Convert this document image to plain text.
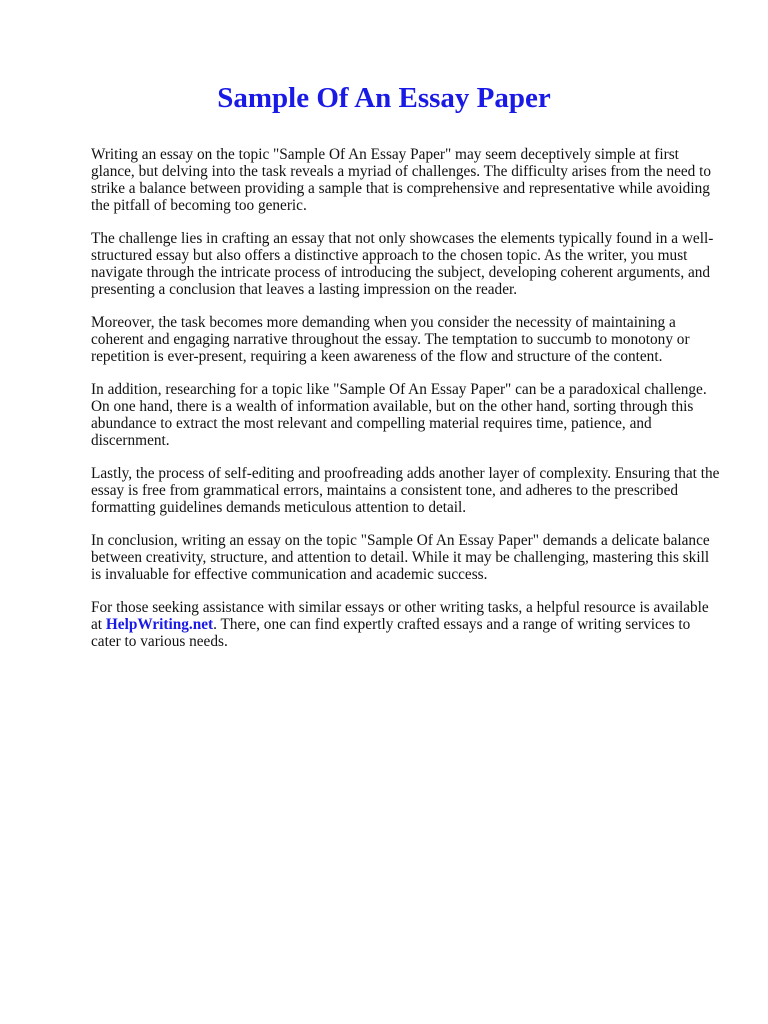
Sample Of An Essay Paper

Writing an essay on the topic "Sample Of An Essay Paper" may seem deceptively simple at first glance, but delving into the task reveals a myriad of challenges. The difficulty arises from the need to strike a balance between providing a sample that is comprehensive and representative while avoiding the pitfall of becoming too generic.

The challenge lies in crafting an essay that not only showcases the elements typically found in a well-structured essay but also offers a distinctive approach to the chosen topic. As the writer, you must navigate through the intricate process of introducing the subject, developing coherent arguments, and presenting a conclusion that leaves a lasting impression on the reader.

Moreover, the task becomes more demanding when you consider the necessity of maintaining a coherent and engaging narrative throughout the essay. The temptation to succumb to monotony or repetition is ever-present, requiring a keen awareness of the flow and structure of the content.

In addition, researching for a topic like "Sample Of An Essay Paper" can be a paradoxical challenge. On one hand, there is a wealth of information available, but on the other hand, sorting through this abundance to extract the most relevant and compelling material requires time, patience, and discernment.

Lastly, the process of self-editing and proofreading adds another layer of complexity. Ensuring that the essay is free from grammatical errors, maintains a consistent tone, and adheres to the prescribed formatting guidelines demands meticulous attention to detail.

In conclusion, writing an essay on the topic "Sample Of An Essay Paper" demands a delicate balance between creativity, structure, and attention to detail. While it may be challenging, mastering this skill is invaluable for effective communication and academic success.

For those seeking assistance with similar essays or other writing tasks, a helpful resource is available at HelpWriting.net. There, one can find expertly crafted essays and a range of writing services to cater to various needs.
